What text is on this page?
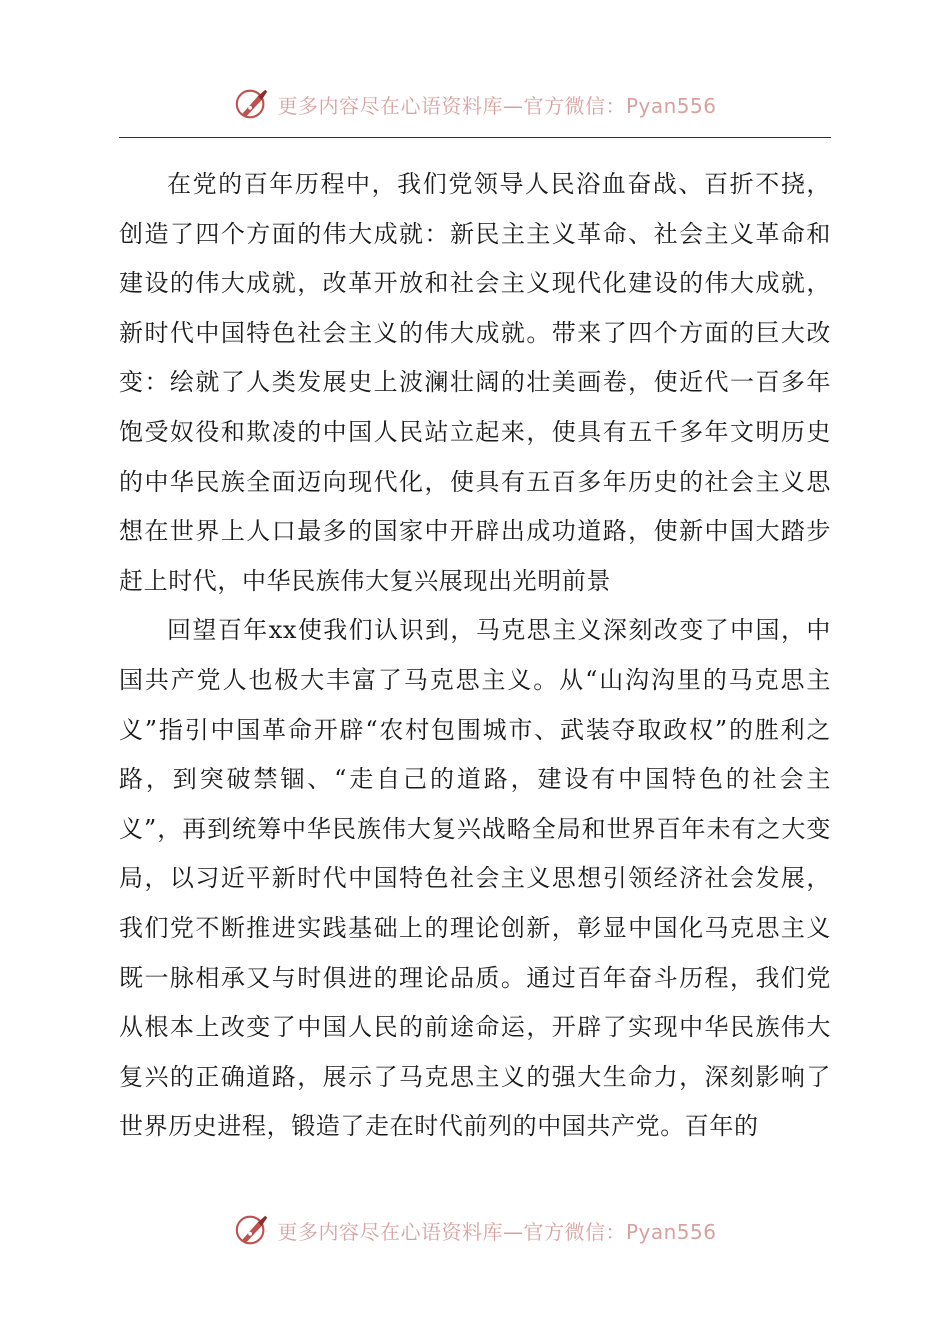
更多内容尽在心语资料库—官方微信：Pyan556

在党的百年历程中，我们党领导人民浴血奋战、百折不挠，创造了四个方面的伟大成就：新民主主义革命、社会主义革命和建设的伟大成就，改革开放和社会主义现代化建设的伟大成就，新时代中国特色社会主义的伟大成就。带来了四个方面的巨大改变：绘就了人类发展史上波澜壮阔的壮美画卷，使近代一百多年饱受奴役和欺凌的中国人民站立起来，使具有五千多年文明历史的中华民族全面迈向现代化，使具有五百多年历史的社会主义思想在世界上人口最多的国家中开辟出成功道路，使新中国大踏步赶上时代，中华民族伟大复兴展现出光明前景

回望百年xx使我们认识到，马克思主义深刻改变了中国，中国共产党人也极大丰富了马克思主义。从“山沟沟里的马克思主义”指引中国革命开辟“农村包围城市、武装夺取政权”的胜利之路，到突破禁锢、“走自己的道路，建设有中国特色的社会主义”，再到统筹中华民族伟大复兴战略全局和世界百年未有之大变局，以习近平新时代中国特色社会主义思想引领经济社会发展，我们党不断推进实践基础上的理论创新，彰显中国化马克思主义既一脉相承又与时俱进的理论品质。通过百年奋斗历程，我们党从根本上改变了中国人民的前途命运，开辟了实现中华民族伟大复兴的正确道路，展示了马克思主义的强大生命力，深刻影响了世界历史进程，锻造了走在时代前列的中国共产党。百年的

更多内容尽在心语资料库—官方微信：Pyan556
